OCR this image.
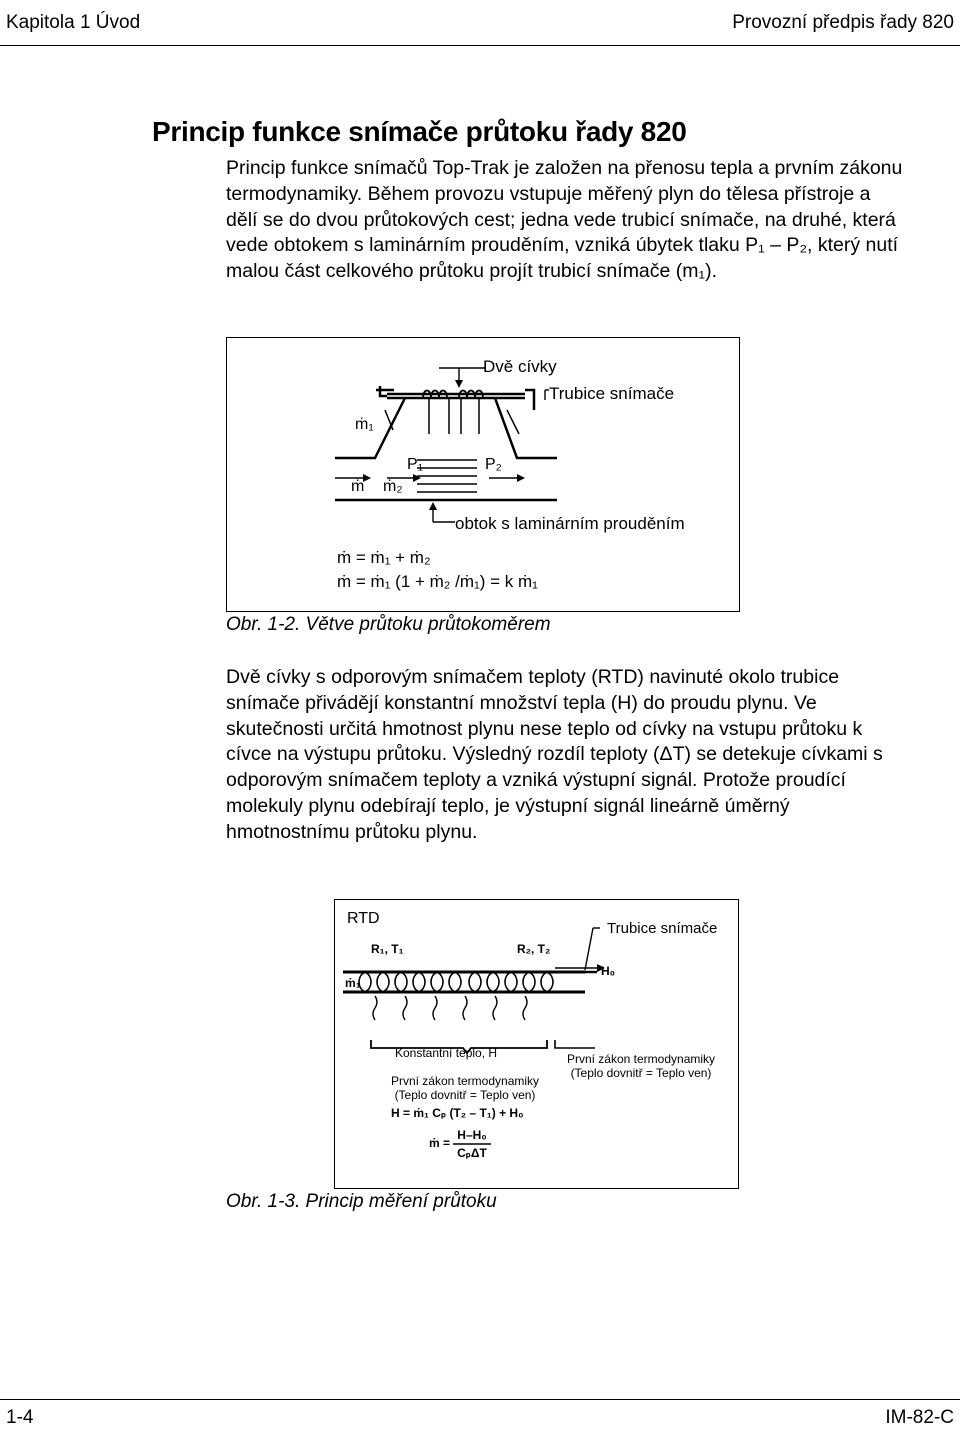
Kapitola 1 Úvod	Provozní předpis řady 820
Princip funkce snímače průtoku řady 820

Princip funkce snímačů Top-Trak je založen na přenosu tepla a prvním zákonu termodynamiky. Během provozu vstupuje měřený plyn do tělesa přístroje a dělí se do dvou průtokových cest; jedna vede trubicí snímače, na druhé, která vede obtokem s laminárním prouděním, vzniká úbytek tlaku P₁ – P₂, který nutí malou část celkového průtoku projít trubicí snímače (m₁).

Dvě cívky
Trubice snímače
ṁ₁
P₁	P₂
ṁ ṁ₂
obtok s laminárním prouděním
ṁ = ṁ₁ + ṁ₂
ṁ = ṁ₁ (1 + ṁ₂ /ṁ₁) = k ṁ₁
Obr. 1-2. Větve průtoku průtokoměrem

Dvě cívky s odporovým snímačem teploty (RTD) navinuté okolo trubice snímače přivádějí konstantní množství tepla (H) do proudu plynu. Ve skutečnosti určitá hmotnost plynu nese teplo od cívky na vstupu průtoku k cívce na výstupu průtoku. Výsledný rozdíl teploty (ΔT) se detekuje cívkami s odporovým snímačem teploty a vzniká výstupní signál. Protože proudící molekuly plynu odebírají teplo, je výstupní signál lineárně úměrný hmotnostnímu průtoku plynu.

RTD
Trubice snímače
R₁, T₁	R₂, T₂
H₀
ṁ₁
Konstantní teplo, H
První zákon termodynamiky
(Teplo dovnitř = Teplo ven)
První zákon termodynamiky
(Teplo dovnitř = Teplo ven)
H = ṁ₁ Cₚ (T₂ – T₁) + H₀
ṁ =
H–H₀
CₚΔT
Obr. 1-3. Princip měření průtoku
1-4	IM-82-C
